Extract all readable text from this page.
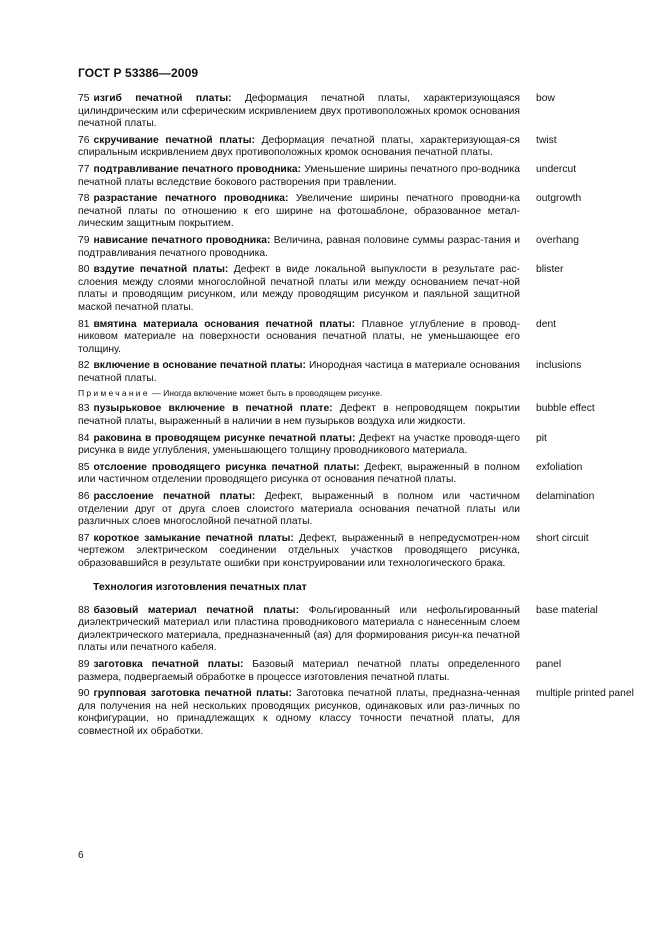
ГОСТ Р 53386—2009
75 изгиб печатной платы: Деформация печатной платы, характеризующаяся цилиндрическим или сферическим искривлением двух противоположных кромок основания печатной платы.
bow
76 скручивание печатной платы: Деформация печатной платы, характеризующая-ся спиральным искривлением двух противоположных кромок основания печатной платы.
twist
77 подтравливание печатного проводника: Уменьшение ширины печатного про-водника печатной платы вследствие бокового растворения при травлении.
undercut
78 разрастание печатного проводника: Увеличение ширины печатного проводни-ка печатной платы по отношению к его ширине на фотошаблоне, образованное метал-лическим защитным покрытием.
outgrowth
79 нависание печатного проводника: Величина, равная половине суммы разрас-тания и подтравливания печатного проводника.
overhang
80 вздутие печатной платы: Дефект в виде локальной выпуклости в результате рас-слоения между слоями многослойной печатной платы или между основанием печат-ной платы и проводящим рисунком, или между проводящим рисунком и паяльной защитной маской печатной платы.
blister
81 вмятина материала основания печатной платы: Плавное углубление в провод-никовом материале на поверхности основания печатной платы, не уменьшающее его толщину.
dent
82 включение в основание печатной платы: Инородная частица в материале основания печатной платы.
inclusions
Примечание — Иногда включение может быть в проводящем рисунке.
83 пузырьковое включение в печатной плате: Дефект в непроводящем покрытии печатной платы, выраженный в наличии в нем пузырьков воздуха или жидкости.
bubble effect
84 раковина в проводящем рисунке печатной платы: Дефект на участке проводя-щего рисунка в виде углубления, уменьшающего толщину проводникового материала.
pit
85 отслоение проводящего рисунка печатной платы: Дефект, выраженный в полном или частичном отделении проводящего рисунка от основания печатной платы.
exfoliation
86 расслоение печатной платы: Дефект, выраженный в полном или частичном отделении друг от друга слоев слоистого материала основания печатной платы или различных слоев многослойной печатной платы.
delamination
87 короткое замыкание печатной платы: Дефект, выраженный в непредусмотрен-ном чертежом электрическом соединении отдельных участков проводящего рисунка, образовавшийся в результате ошибки при конструировании или технологического брака.
short circuit
Технология изготовления печатных плат
88 базовый материал печатной платы: Фольгированный или нефольгированный диэлектрический материал или пластина проводникового материала с нанесенным слоем диэлектрического материала, предназначенный (ая) для формирования рисун-ка печатной платы или печатного кабеля.
base material
89 заготовка печатной платы: Базовый материал печатной платы определенного размера, подвергаемый обработке в процессе изготовления печатной платы.
panel
90 групповая заготовка печатной платы: Заготовка печатной платы, предназна-ченная для получения на ней нескольких проводящих рисунков, одинаковых или раз-личных по конфигурации, но принадлежащих к одному классу точности печатной платы, для совместной их обработки.
multiple printed panel
6
